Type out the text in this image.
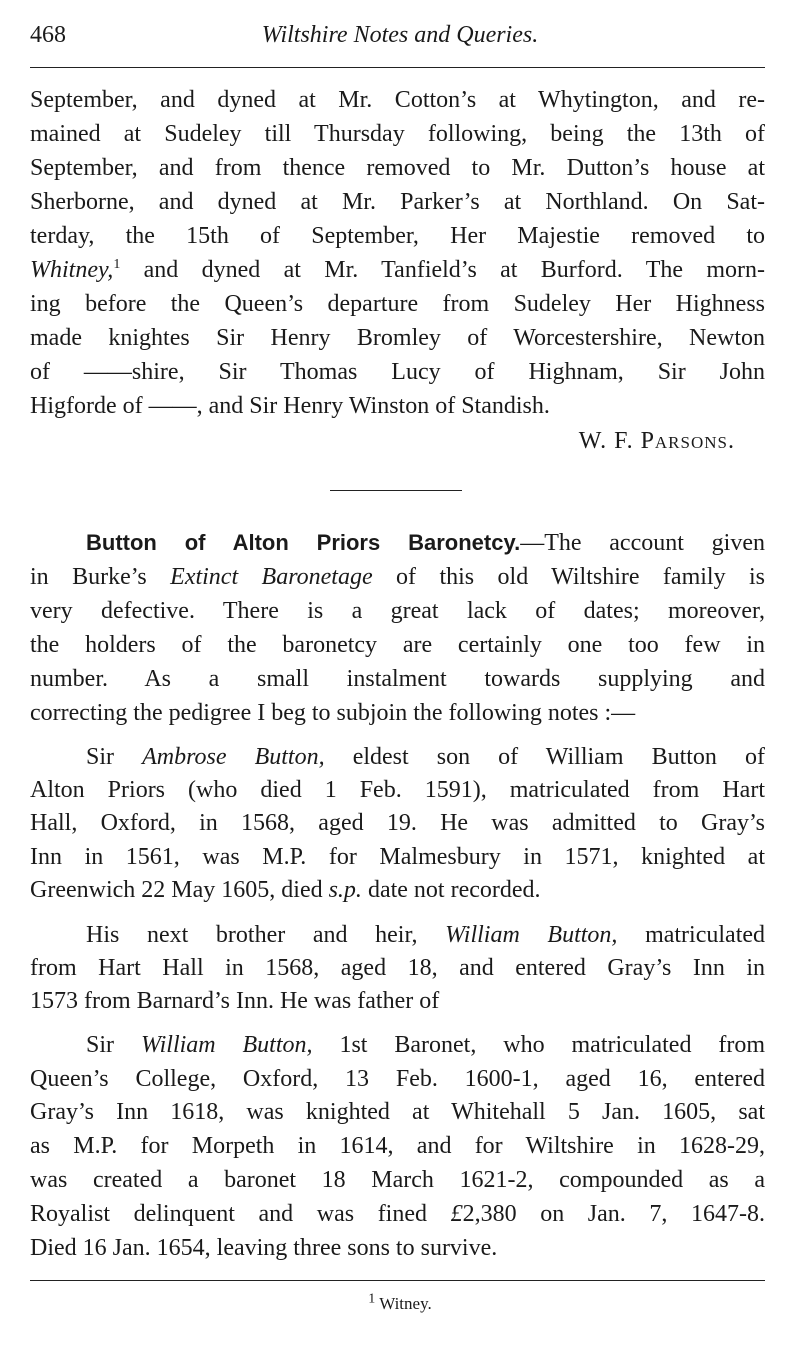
468	Wiltshire Notes and Queries.
September, and dyned at Mr. Cotton’s at Whytington, and re-
mained at Sudeley till Thursday following, being the 13th of
September, and from thence removed to Mr. Dutton’s house at
Sherborne, and dyned at Mr. Parker’s at Northland. On Sat-
terday, the 15th of September, Her Majestie removed to
Whitney,$^1$ and dyned at Mr. Tanfield’s at Burford. The morn-
ing before the Queen’s departure from Sudeley Her Highness
made knightes Sir Henry Bromley of Worcestershire, Newton
of ——shire, Sir Thomas Lucy of Highnam, Sir John
Higforde of ——, and Sir Henry Winston of Standish.
W. F. Parsons.
Button of Alton Priors Baronetcy.—The account given
in Burke’s Extinct Baronetage of this old Wiltshire family is
very defective. There is a great lack of dates; moreover,
the holders of the baronetcy are certainly one too few in
number. As a small instalment towards supplying and
correcting the pedigree I beg to subjoin the following notes :—
Sir Ambrose Button, eldest son of William Button of
Alton Priors (who died 1 Feb. 1591), matriculated from Hart
Hall, Oxford, in 1568, aged 19. He was admitted to Gray’s
Inn in 1561, was M.P. for Malmesbury in 1571, knighted at
Greenwich 22 May 1605, died s.p. date not recorded.
His next brother and heir, William Button, matriculated
from Hart Hall in 1568, aged 18, and entered Gray’s Inn in
1573 from Barnard’s Inn. He was father of
Sir William Button, 1st Baronet, who matriculated from
Queen’s College, Oxford, 13 Feb. 1600-1, aged 16, entered
Gray’s Inn 1618, was knighted at Whitehall 5 Jan. 1605, sat
as M.P. for Morpeth in 1614, and for Wiltshire in 1628-29,
was created a baronet 18 March 1621-2, compounded as a
Royalist delinquent and was fined £2,380 on Jan. 7, 1647-8.
Died 16 Jan. 1654, leaving three sons to survive.
$^1$ Witney.
